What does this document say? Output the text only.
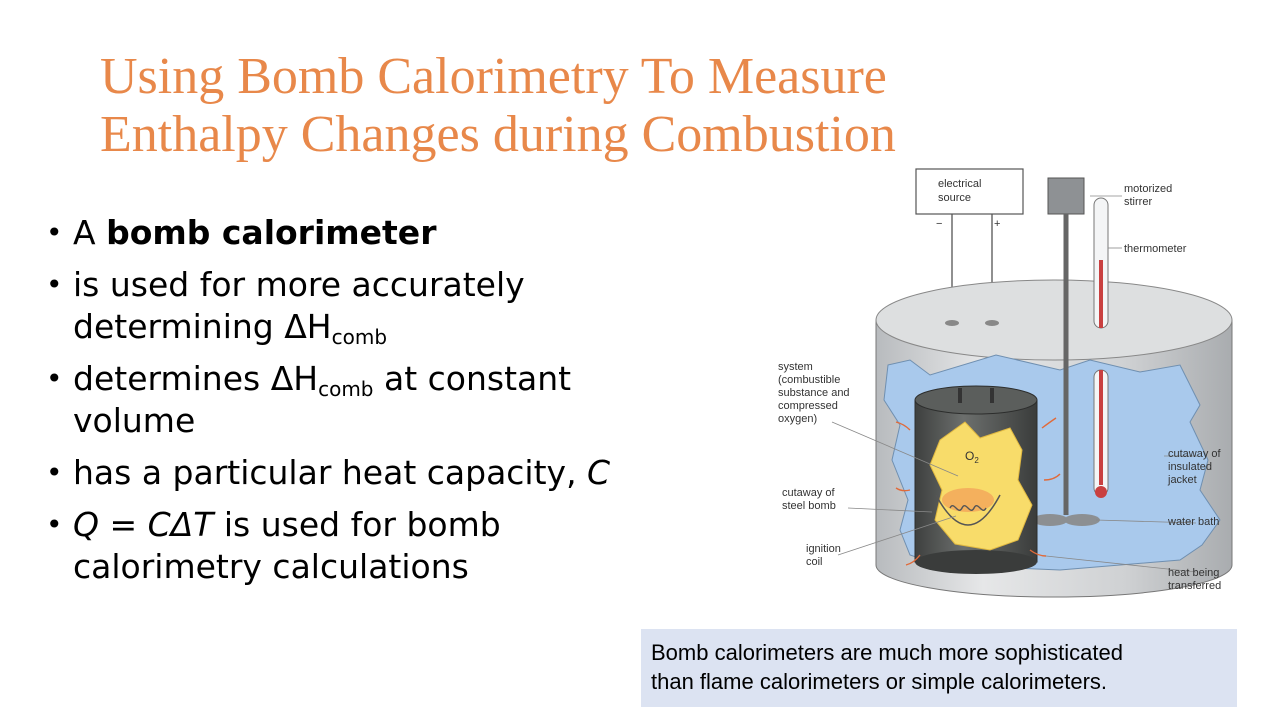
Using Bomb Calorimetry To Measure
Enthalpy Changes during Combustion
• A bomb calorimeter
• is used for more accurately determining $\Delta H_{comb}$
• determines $\Delta H_{comb}$ at constant volume
• has a particular heat capacity, C
• Q = CΔT is used for bomb calorimetry calculations
electrical
source
−	+
$O_2$
motorized
stirrer
thermometer
system
(combustible
substance and
compressed
oxygen)
cutaway of
insulated
jacket
cutaway of
steel bomb
water bath
ignition
coil
heat being
transferred
Bomb calorimeters are much more sophisticated
than flame calorimeters or simple calorimeters.
